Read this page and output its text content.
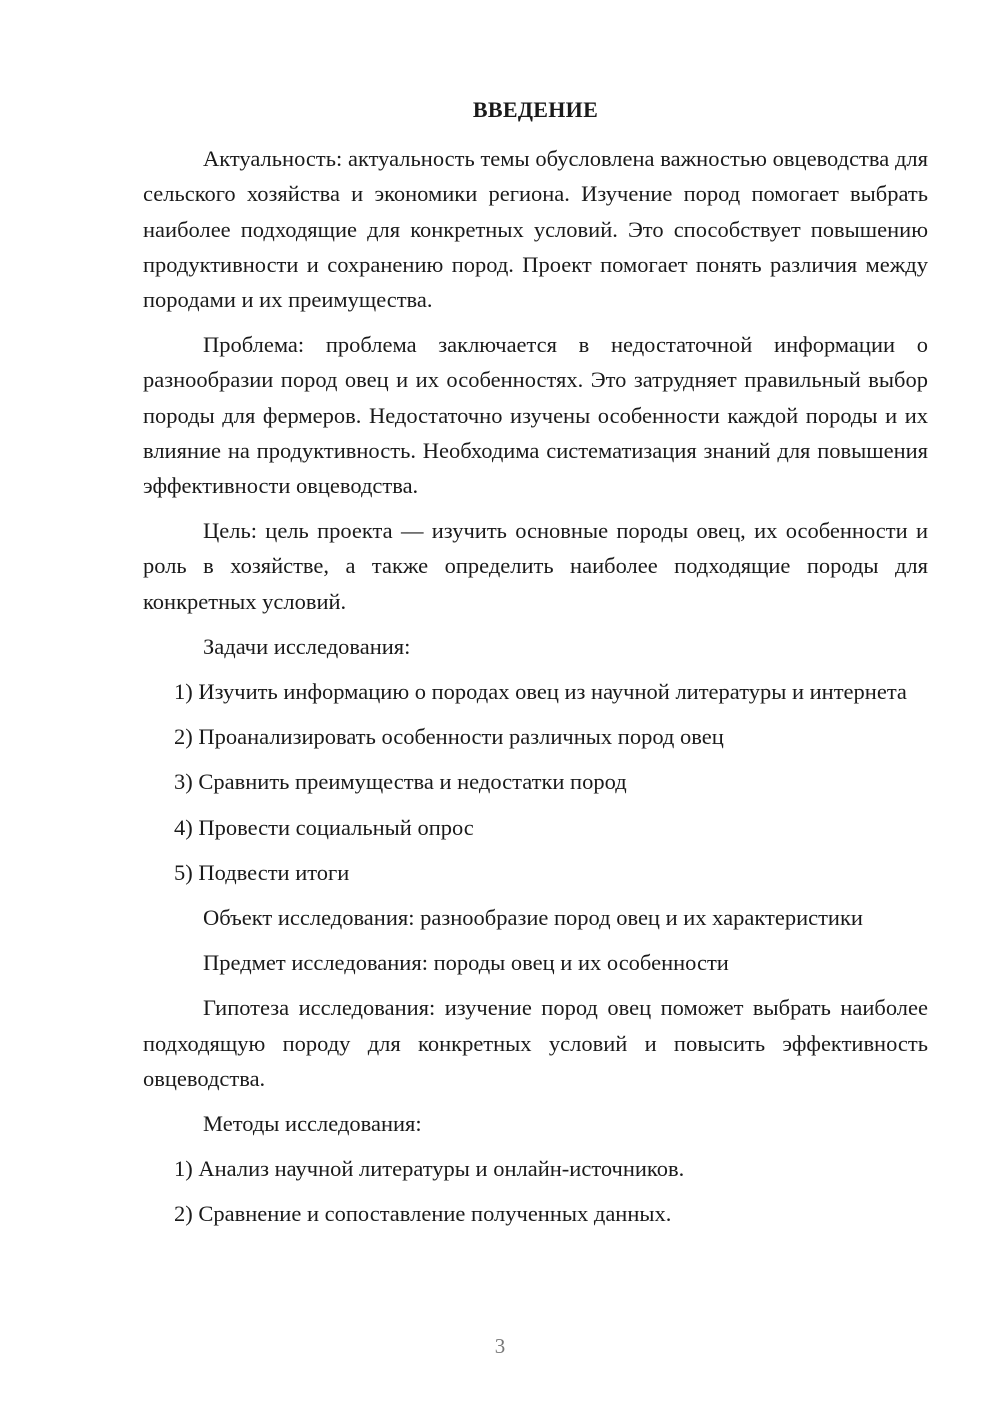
ВВЕДЕНИЕ

Актуальность: актуальность темы обусловлена важностью овцеводства для сельского хозяйства и экономики региона. Изучение пород помогает выбрать наиболее подходящие для конкретных условий. Это способствует повышению продуктивности и сохранению пород. Проект помогает понять различия между породами и их преимущества.

Проблема: проблема заключается в недостаточной информации о разнообразии пород овец и их особенностях. Это затрудняет правильный выбор породы для фермеров. Недостаточно изучены особенности каждой породы и их влияние на продуктивность. Необходима систематизация знаний для повышения эффективности овцеводства.

Цель: цель проекта — изучить основные породы овец, их особенности и роль в хозяйстве, а также определить наиболее подходящие породы для конкретных условий.

Задачи исследования:

1) Изучить информацию о породах овец из научной литературы и интернета

2) Проанализировать особенности различных пород овец

3) Сравнить преимущества и недостатки пород

4) Провести социальный опрос

5) Подвести итоги

Объект исследования: разнообразие пород овец и их характеристики

Предмет исследования: породы овец и их особенности

Гипотеза исследования: изучение пород овец поможет выбрать наиболее подходящую породу для конкретных условий и повысить эффективность овцеводства.

Методы исследования:

1) Анализ научной литературы и онлайн-источников.

2) Сравнение и сопоставление полученных данных.

3
